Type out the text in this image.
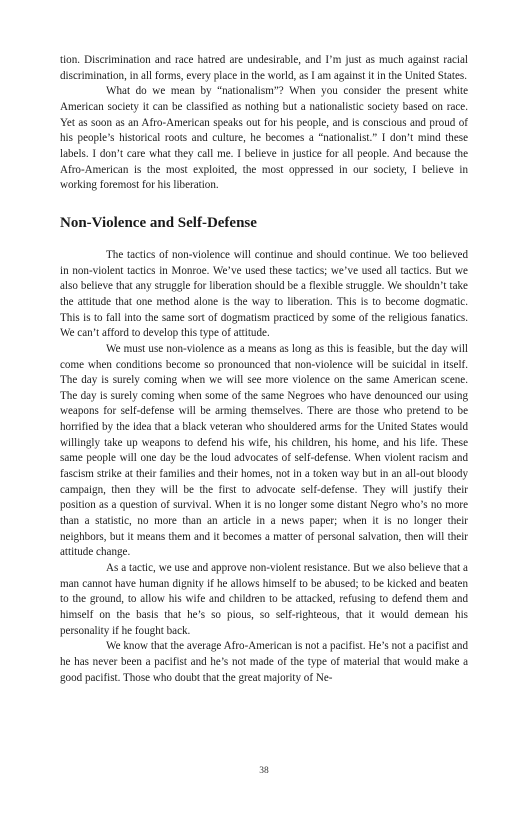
tion. Discrimination and race hatred are undesirable, and I’m just as much against racial discrimination, in all forms, every place in the world, as I am against it in the United States.

What do we mean by “nationalism”? When you consider the present white American society it can be classified as nothing but a nationalistic society based on race. Yet as soon as an Afro-American speaks out for his people, and is conscious and proud of his people’s historical roots and culture, he becomes a “nationalist.” I don’t mind these labels. I don’t care what they call me. I believe in justice for all people. And because the Afro-American is the most exploited, the most oppressed in our society, I believe in working foremost for his liberation.

Non-Violence and Self-Defense

The tactics of non-violence will continue and should continue. We too believed in non-violent tactics in Monroe. We’ve used these tactics; we’ve used all tactics. But we also believe that any struggle for liberation should be a flexible struggle. We shouldn’t take the attitude that one method alone is the way to liberation. This is to become dogmatic. This is to fall into the same sort of dogmatism practiced by some of the religious fanatics. We can’t afford to develop this type of attitude.

We must use non-violence as a means as long as this is feasible, but the day will come when conditions become so pronounced that non-violence will be suicidal in itself. The day is surely coming when we will see more violence on the same American scene. The day is surely coming when some of the same Negroes who have denounced our using weapons for self-defense will be arming themselves. There are those who pretend to be horrified by the idea that a black veteran who shouldered arms for the United States would willingly take up weapons to defend his wife, his children, his home, and his life. These same people will one day be the loud advocates of self-defense. When violent racism and fascism strike at their families and their homes, not in a token way but in an all-out bloody campaign, then they will be the first to advocate self-defense. They will justify their position as a question of survival. When it is no longer some distant Negro who’s no more than a statistic, no more than an article in a news paper; when it is no longer their neighbors, but it means them and it becomes a matter of personal salvation, then will their attitude change.

As a tactic, we use and approve non-violent resistance. But we also believe that a man cannot have human dignity if he allows himself to be abused; to be kicked and beaten to the ground, to allow his wife and children to be attacked, refusing to defend them and himself on the basis that he’s so pious, so self-righteous, that it would demean his personality if he fought back.

We know that the average Afro-American is not a pacifist. He’s not a pacifist and he has never been a pacifist and he’s not made of the type of material that would make a good pacifist. Those who doubt that the great majority of Ne-

38
